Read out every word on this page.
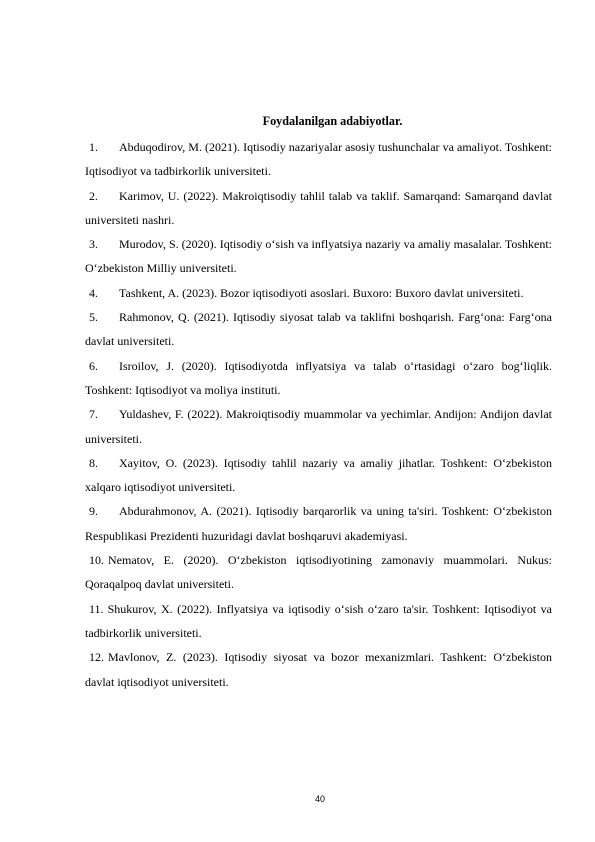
Foydalanilgan adabiyotlar.
1. Abduqodirov, M. (2021). Iqtisodiy nazariyalar asosiy tushunchalar va amaliyot. Toshkent: Iqtisodiyot va tadbirkorlik universiteti.
2. Karimov, U. (2022). Makroiqtisodiy tahlil talab va taklif. Samarqand: Samarqand davlat universiteti nashri.
3. Murodov, S. (2020). Iqtisodiy o‘sish va inflyatsiya nazariy va amaliy masalalar. Toshkent: O‘zbekiston Milliy universiteti.
4. Tashkent, A. (2023). Bozor iqtisodiyoti asoslari. Buxoro: Buxoro davlat universiteti.
5. Rahmonov, Q. (2021). Iqtisodiy siyosat talab va taklifni boshqarish. Farg‘ona: Farg‘ona davlat universiteti.
6. Isroilov, J. (2020). Iqtisodiyotda inflyatsiya va talab o‘rtasidagi o‘zaro bog‘liqlik. Toshkent: Iqtisodiyot va moliya instituti.
7. Yuldashev, F. (2022). Makroiqtisodiy muammolar va yechimlar. Andijon: Andijon davlat universiteti.
8. Xayitov, O. (2023). Iqtisodiy tahlil nazariy va amaliy jihatlar. Toshkent: O‘zbekiston xalqaro iqtisodiyot universiteti.
9. Abdurahmonov, A. (2021). Iqtisodiy barqarorlik va uning ta'siri. Toshkent: O‘zbekiston Respublikasi Prezidenti huzuridagi davlat boshqaruvi akademiyasi.
10. Nematov, E. (2020). O‘zbekiston iqtisodiyotining zamonaviy muammolari. Nukus: Qoraqalpoq davlat universiteti.
11. Shukurov, X. (2022). Inflyatsiya va iqtisodiy o‘sish o‘zaro ta'sir. Toshkent: Iqtisodiyot va tadbirkorlik universiteti.
12. Mavlonov, Z. (2023). Iqtisodiy siyosat va bozor mexanizmlari. Tashkent: O‘zbekiston davlat iqtisodiyot universiteti.
40
